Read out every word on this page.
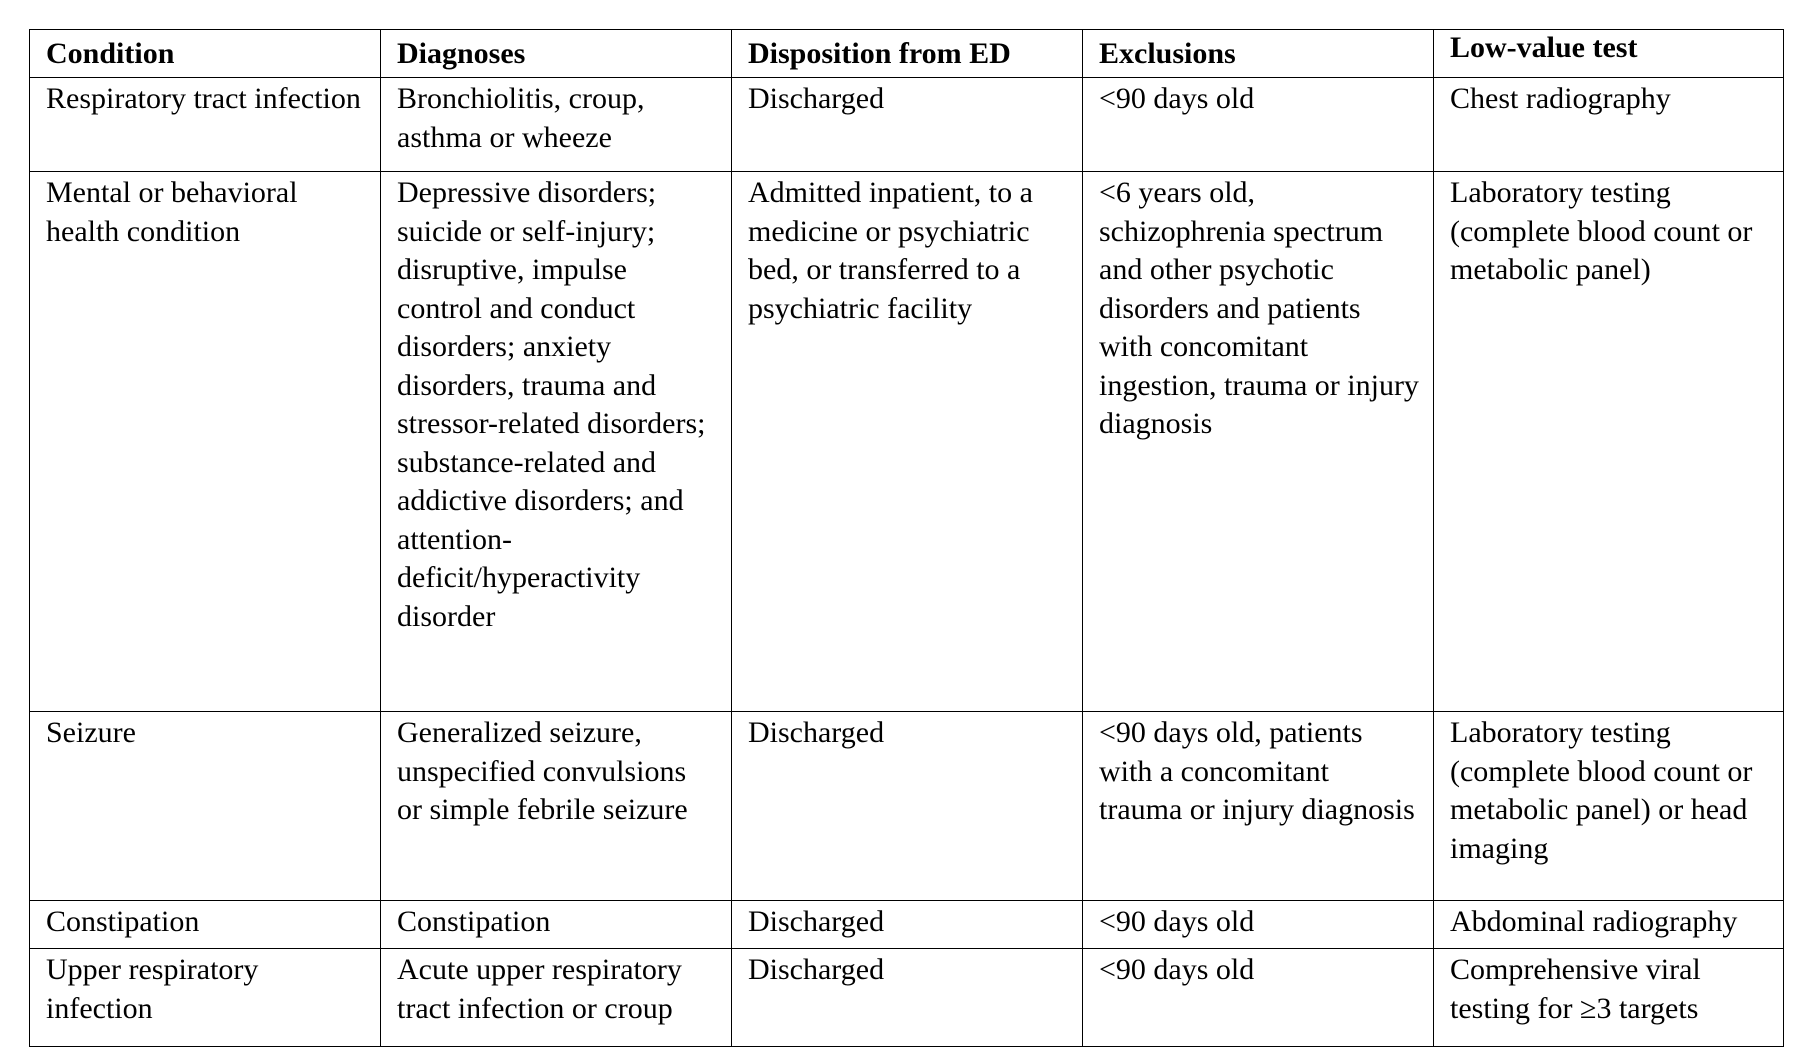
Condition	Diagnoses	Disposition from ED	Exclusions	Low-value test
Respiratory tract infection	Bronchiolitis, croup, asthma or wheeze	Discharged	<90 days old	Chest radiography
Mental or behavioral health condition	Depressive disorders; suicide or self-injury; disruptive, impulse control and conduct disorders; anxiety disorders, trauma and stressor-related disorders; substance-related and addictive disorders; and attention-deficit/hyperactivity disorder	Admitted inpatient, to a medicine or psychiatric bed, or transferred to a psychiatric facility	<6 years old, schizophrenia spectrum and other psychotic disorders and patients with concomitant ingestion, trauma or injury diagnosis	Laboratory testing (complete blood count or metabolic panel)
Seizure	Generalized seizure, unspecified convulsions or simple febrile seizure	Discharged	<90 days old, patients with a concomitant trauma or injury diagnosis	Laboratory testing (complete blood count or metabolic panel) or head imaging
Constipation	Constipation	Discharged	<90 days old	Abdominal radiography
Upper respiratory infection	Acute upper respiratory tract infection or croup	Discharged	<90 days old	Comprehensive viral testing for ≥3 targets
